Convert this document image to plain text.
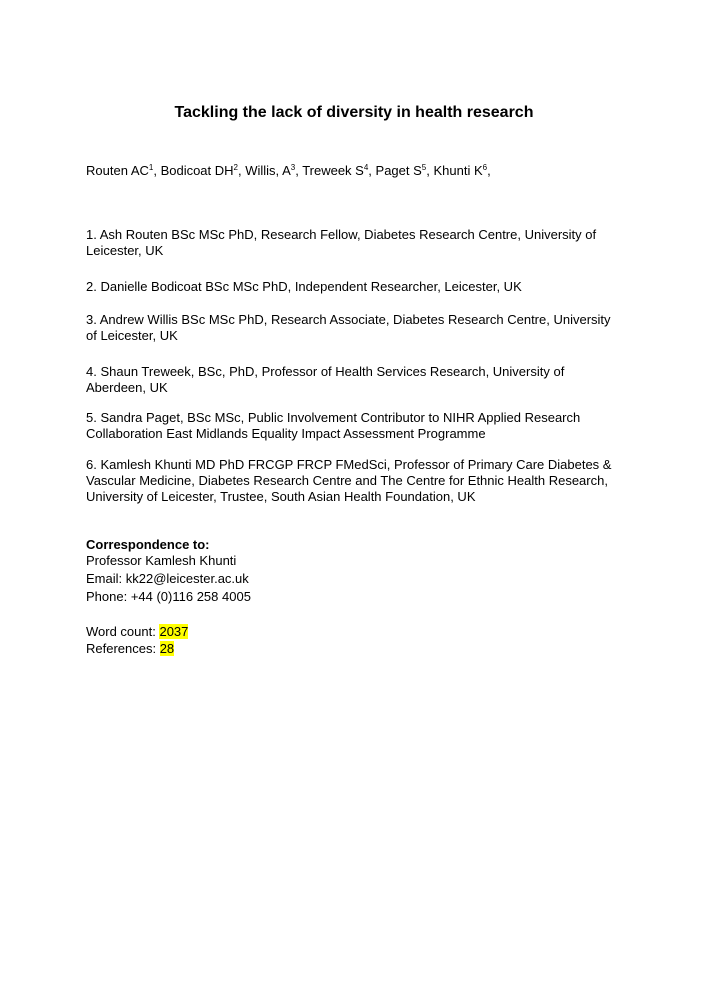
Tackling the lack of diversity in health research
Routen $AC^1$, Bodicoat $DH^2$, Willis, $A^3$, Treweek $S^4$, Paget $S^5$, Khunti $K^6$,
1. Ash Routen BSc MSc PhD, Research Fellow, Diabetes Research Centre, University of Leicester, UK
2. Danielle Bodicoat BSc MSc PhD, Independent Researcher, Leicester, UK
3. Andrew Willis BSc MSc PhD, Research Associate, Diabetes Research Centre, University of Leicester, UK
4. Shaun Treweek, BSc, PhD, Professor of Health Services Research, University of Aberdeen, UK
5. Sandra Paget, BSc MSc, Public Involvement Contributor to NIHR Applied Research Collaboration East Midlands Equality Impact Assessment Programme
6. Kamlesh Khunti MD PhD FRCGP FRCP FMedSci, Professor of Primary Care Diabetes & Vascular Medicine, Diabetes Research Centre and The Centre for Ethnic Health Research, University of Leicester, Trustee, South Asian Health Foundation, UK
Correspondence to:
Professor Kamlesh Khunti
Email: kk22@leicester.ac.uk
Phone: +44 (0)116 258 4005
Word count: 2037
References: 28
